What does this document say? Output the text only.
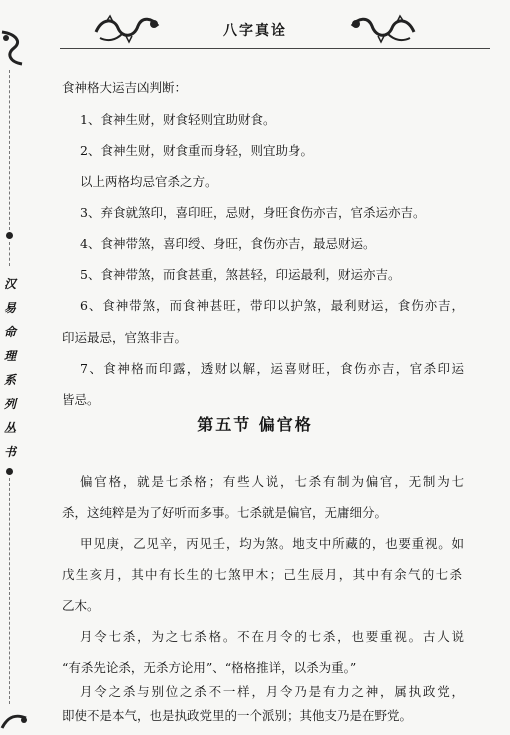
八字真诠
汉
易
命
理
系
列
丛
书
食神格大运吉凶判断：
1、食神生财，财食轻则宜助财食。
2、食神生财，财食重而身轻，则宜助身。
以上两格均忌官杀之方。
3、弃食就煞印，喜印旺，忌财，身旺食伤亦吉，官杀运亦吉。
4、食神带煞，喜印绶、身旺，食伤亦吉，最忌财运。
5、食神带煞，而食甚重，煞甚轻，印运最利，财运亦吉。
6、食神带煞，而食神甚旺，带印以护煞，最利财运，食伤亦吉，
印运最忌，官煞非吉。
7、食神格而印露，透财以解，运喜财旺，食伤亦吉，官杀印运
皆忌。
第五节 偏官格
偏官格，就是七杀格；有些人说，七杀有制为偏官，无制为七
杀，这纯粹是为了好听而多事。七杀就是偏官，无庸细分。
甲见庚，乙见辛，丙见壬，均为煞。地支中所藏的，也要重视。如
戊生亥月，其中有长生的七煞甲木；己生辰月，其中有余气的七杀
乙木。
月令七杀，为之七杀格。不在月令的七杀，也要重视。古人说
“有杀先论杀，无杀方论用”、“格格推详，以杀为重。”
月令之杀与别位之杀不一样，月令乃是有力之神，属执政党，
即使不是本气，也是执政党里的一个派别；其他支乃是在野党。
